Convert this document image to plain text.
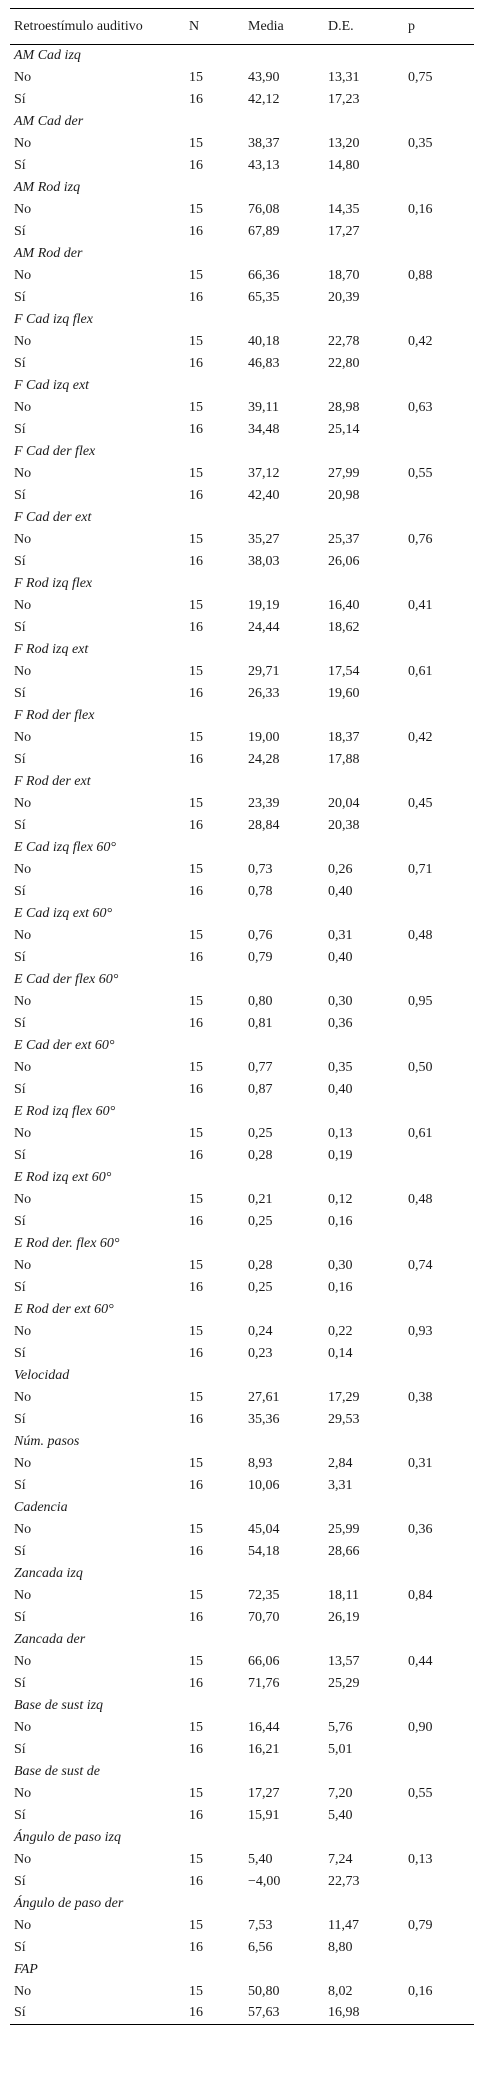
Retroestímulo auditivo	N	Media	D.E.	p
AM Cad izq				
No	15	43,90	13,31	0,75
Sí	16	42,12	17,23	
AM Cad der				
No	15	38,37	13,20	0,35
Sí	16	43,13	14,80	
AM Rod izq				
No	15	76,08	14,35	0,16
Sí	16	67,89	17,27	
AM Rod der				
No	15	66,36	18,70	0,88
Sí	16	65,35	20,39	
F Cad izq flex				
No	15	40,18	22,78	0,42
Sí	16	46,83	22,80	
F Cad izq ext				
No	15	39,11	28,98	0,63
Sí	16	34,48	25,14	
F Cad der flex				
No	15	37,12	27,99	0,55
Sí	16	42,40	20,98	
F Cad der ext				
No	15	35,27	25,37	0,76
Sí	16	38,03	26,06	
F Rod izq flex				
No	15	19,19	16,40	0,41
Sí	16	24,44	18,62	
F Rod izq ext				
No	15	29,71	17,54	0,61
Sí	16	26,33	19,60	
F Rod der flex				
No	15	19,00	18,37	0,42
Sí	16	24,28	17,88	
F Rod der ext				
No	15	23,39	20,04	0,45
Sí	16	28,84	20,38	
E Cad izq flex 60°				
No	15	0,73	0,26	0,71
Sí	16	0,78	0,40	
E Cad izq ext 60°				
No	15	0,76	0,31	0,48
Sí	16	0,79	0,40	
E Cad der flex 60°				
No	15	0,80	0,30	0,95
Sí	16	0,81	0,36	
E Cad der ext 60°				
No	15	0,77	0,35	0,50
Sí	16	0,87	0,40	
E Rod izq flex 60°				
No	15	0,25	0,13	0,61
Sí	16	0,28	0,19	
E Rod izq ext 60°				
No	15	0,21	0,12	0,48
Sí	16	0,25	0,16	
E Rod der. flex 60°				
No	15	0,28	0,30	0,74
Sí	16	0,25	0,16	
E Rod der ext 60°				
No	15	0,24	0,22	0,93
Sí	16	0,23	0,14	
Velocidad				
No	15	27,61	17,29	0,38
Sí	16	35,36	29,53	
Núm. pasos				
No	15	8,93	2,84	0,31
Sí	16	10,06	3,31	
Cadencia				
No	15	45,04	25,99	0,36
Sí	16	54,18	28,66	
Zancada izq				
No	15	72,35	18,11	0,84
Sí	16	70,70	26,19	
Zancada der				
No	15	66,06	13,57	0,44
Sí	16	71,76	25,29	
Base de sust izq				
No	15	16,44	5,76	0,90
Sí	16	16,21	5,01	
Base de sust de				
No	15	17,27	7,20	0,55
Sí	16	15,91	5,40	
Ángulo de paso izq				
No	15	5,40	7,24	0,13
Sí	16	−4,00	22,73	
Ángulo de paso der				
No	15	7,53	11,47	0,79
Sí	16	6,56	8,80	
FAP				
No	15	50,80	8,02	0,16
Sí	16	57,63	16,98	
